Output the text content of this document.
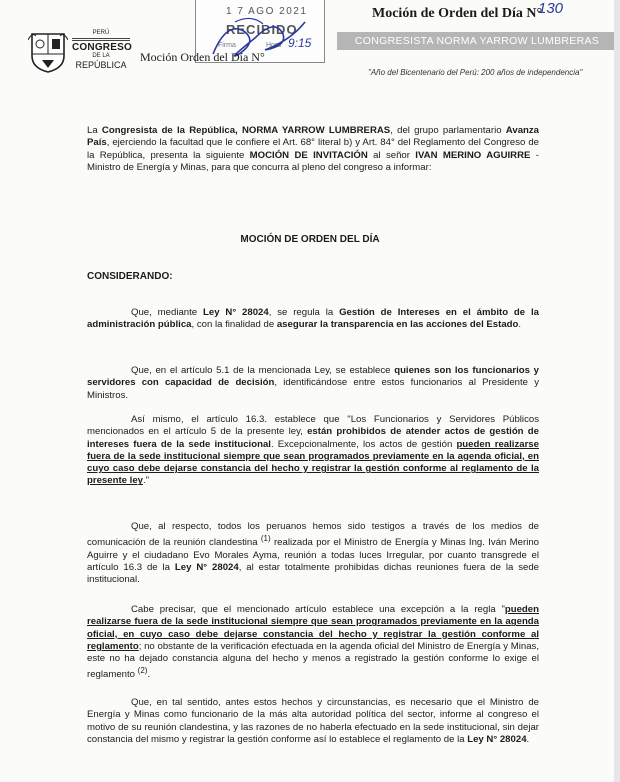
PERÚ
CONGRESO
DE LA
REPÚBLICA
1 7 AGO 2021
RECIBIDO
Firma	Hora 9:15
Moción Orden del Día N°
Moción de Orden del Día N°
130
CONGRESISTA NORMA YARROW LUMBRERAS
"Año del Bicentenario del Perú: 200 años de independencia"
La Congresista de la República, NORMA YARROW LUMBRERAS, del grupo parlamentario Avanza País, ejerciendo la facultad que le confiere el Art. 68° literal b) y Art. 84° del Reglamento del Congreso de la República, presenta la siguiente MOCIÓN DE INVITACIÓN al señor IVAN MERINO AGUIRRE - Ministro de Energía y Minas, para que concurra al pleno del congreso a informar:
MOCIÓN DE ORDEN DEL DÍA
CONSIDERANDO:
Que, mediante Ley N° 28024, se regula la Gestión de Intereses en el ámbito de la administración pública, con la finalidad de asegurar la transparencia en las acciones del Estado.
Que, en el artículo 5.1 de la mencionada Ley, se establece quienes son los funcionarios y servidores con capacidad de decisión, identificándose entre estos funcionarios al Presidente y Ministros.
Así mismo, el artículo 16.3. establece que "Los Funcionarios y Servidores Públicos mencionados en el artículo 5 de la presente ley, están prohibidos de atender actos de gestión de intereses fuera de la sede institucional. Excepcionalmente, los actos de gestión pueden realizarse fuera de la sede institucional siempre que sean programados previamente en la agenda oficial, en cuyo caso debe dejarse constancia del hecho y registrar la gestión conforme al reglamento de la presente ley."
Que, al respecto, todos los peruanos hemos sido testigos a través de los medios de comunicación de la reunión clandestina $^{(1)}$ realizada por el Ministro de Energía y Minas Ing. Iván Merino Aguirre y el ciudadano Evo Morales Ayma, reunión a todas luces Irregular, por cuanto transgrede el artículo 16.3 de la Ley N° 28024, al estar totalmente prohibidas dichas reuniones fuera de la sede institucional.
Cabe precisar, que el mencionado artículo establece una excepción a la regla "pueden realizarse fuera de la sede institucional siempre que sean programados previamente en la agenda oficial, en cuyo caso debe dejarse constancia del hecho y registrar la gestión conforme al reglamento; no obstante de la verificación efectuada en la agenda oficial del Ministro de Energía y Minas, este no ha dejado constancia alguna del hecho y menos a registrado la gestión conforme lo exige el reglamento $^{(2)}$.
Que, en tal sentido, antes estos hechos y circunstancias, es necesario que el Ministro de Energía y Minas como funcionario de la más alta autoridad política del sector, informe al congreso el motivo de su reunión clandestina, y las razones de no haberla efectuado en la sede institucional, sin dejar constancia del mismo y registrar la gestión conforme así lo establece el reglamento de la Ley N° 28024.
